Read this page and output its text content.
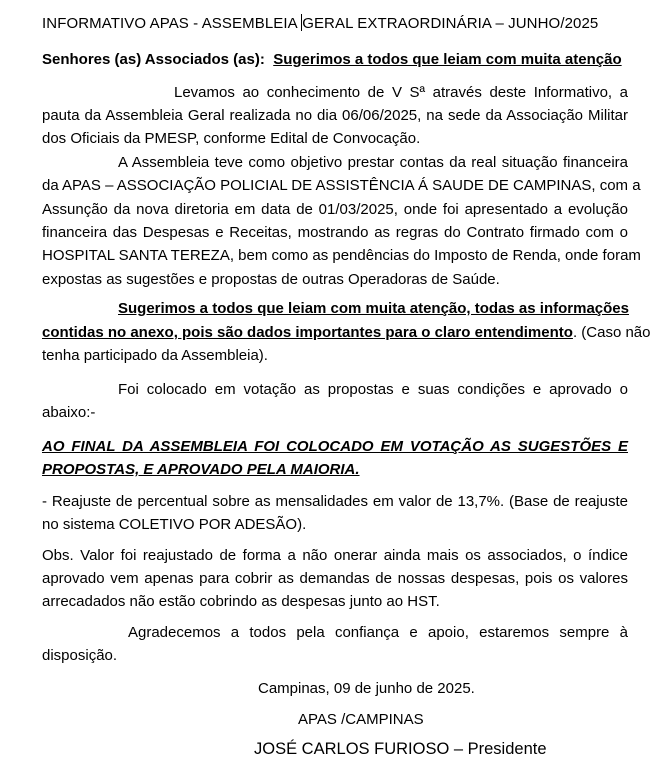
INFORMATIVO APAS - ASSEMBLEIA GERAL EXTRAORDINÁRIA – JUNHO/2025
Senhores (as) Associados (as): Sugerimos a todos que leiam com muita atenção
Levamos ao conhecimento de V Sª através deste Informativo, a
pauta da Assembleia Geral realizada no dia 06/06/2025, na sede da Associação Militar
dos Oficiais da PMESP, conforme Edital de Convocação.
A Assembleia teve como objetivo prestar contas da real situação financeira
da APAS – ASSOCIAÇÃO POLICIAL DE ASSISTÊNCIA Á SAUDE DE CAMPINAS, com a
Assunção da nova diretoria em data de 01/03/2025, onde foi apresentado a evolução
financeira das Despesas e Receitas, mostrando as regras do Contrato firmado com o
HOSPITAL SANTA TEREZA, bem como as pendências do Imposto de Renda, onde foram
expostas as sugestões e propostas de outras Operadoras de Saúde.
Sugerimos a todos que leiam com muita atenção, todas as informações
contidas no anexo, pois são dados importantes para o claro entendimento. (Caso não
tenha participado da Assembleia).
Foi colocado em votação as propostas e suas condições e aprovado o
abaixo:-
AO FINAL DA ASSEMBLEIA FOI COLOCADO EM VOTAÇÃO AS SUGESTÕES E
PROPOSTAS, E APROVADO PELA MAIORIA.
- Reajuste de percentual sobre as mensalidades em valor de 13,7%. (Base de reajuste
no sistema COLETIVO POR ADESÃO).
Obs. Valor foi reajustado de forma a não onerar ainda mais os associados, o índice
aprovado vem apenas para cobrir as demandas de nossas despesas, pois os valores
arrecadados não estão cobrindo as despesas junto ao HST.
Agradecemos a todos pela confiança e apoio, estaremos sempre à
disposição.
Campinas, 09 de junho de 2025.
APAS /CAMPINAS
JOSÉ CARLOS FURIOSO – Presidente
